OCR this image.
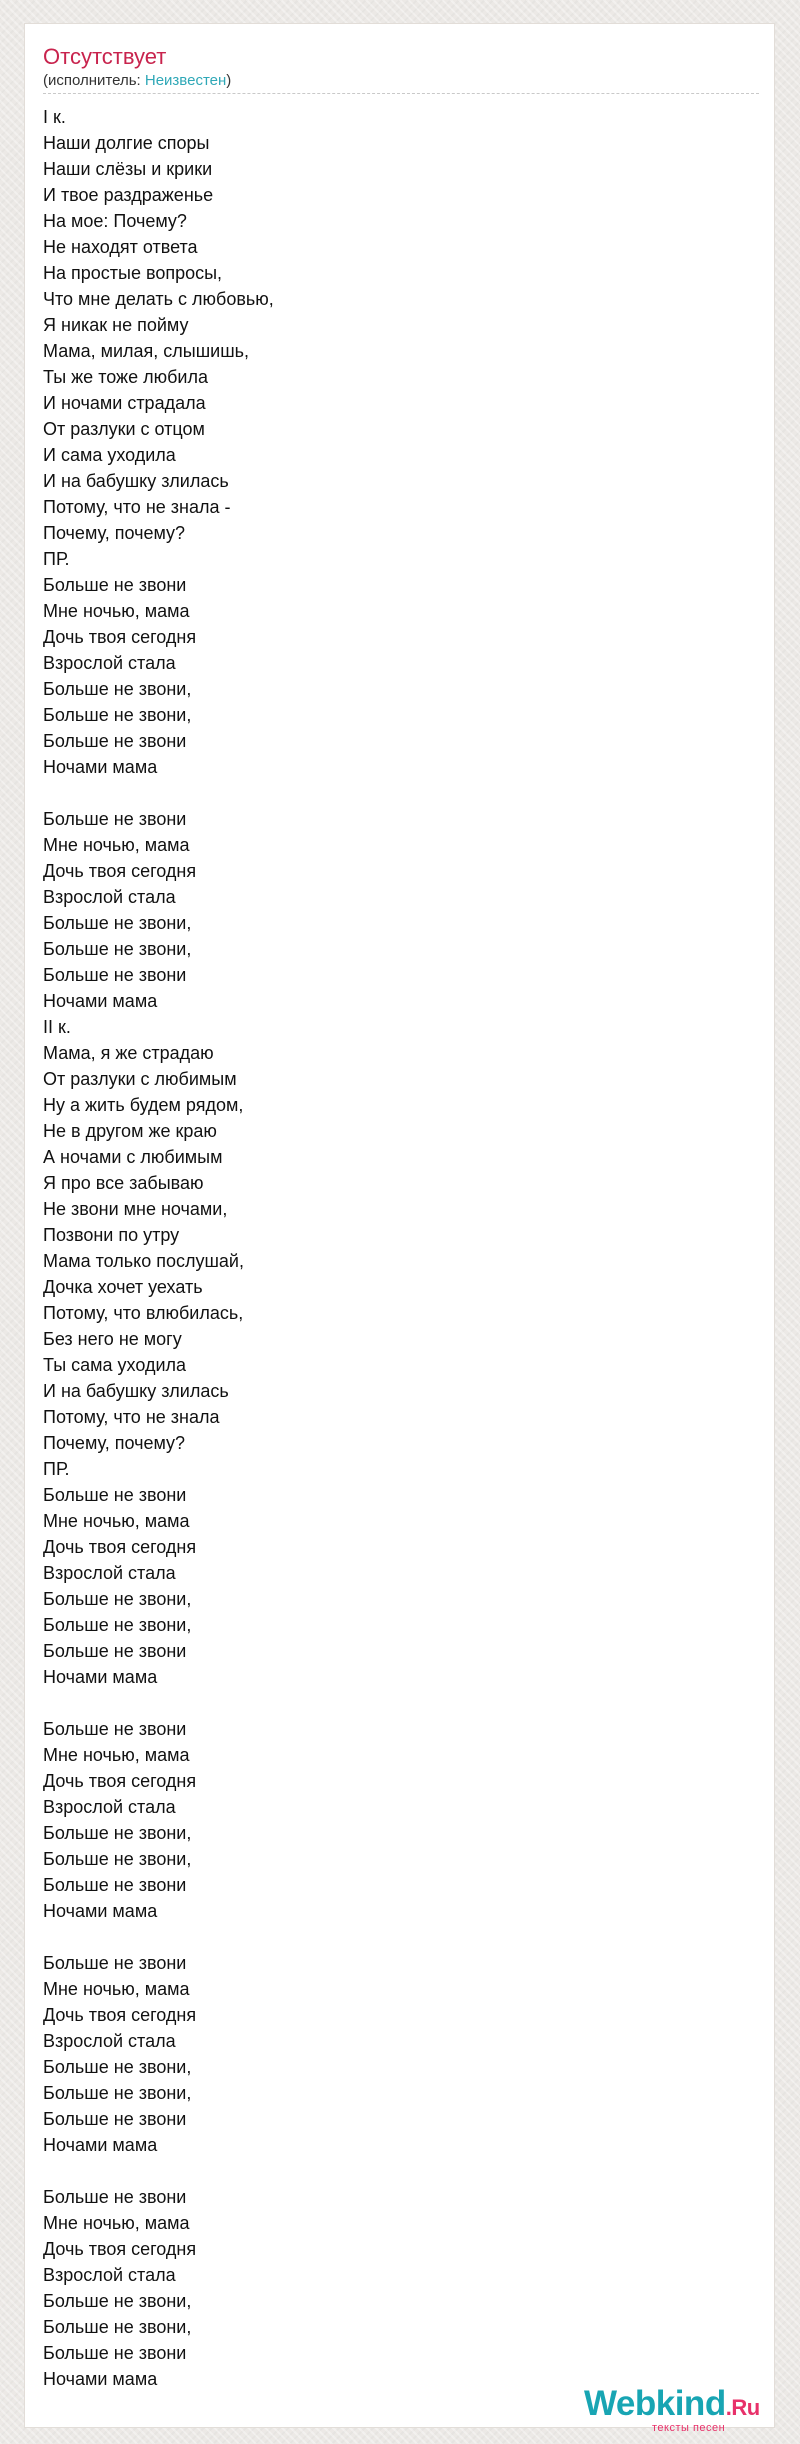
Отсутствует
(исполнитель: Неизвестен)
I к.
Наши долгие споры
Наши слёзы и крики
И твое раздраженье
На мое: Почему?
Не находят ответа
На простые вопросы,
Что мне делать с любовью,
Я никак не пойму
Мама, милая, слышишь,
Ты же тоже любила
И ночами страдала
От разлуки с отцом
И сама уходила
И на бабушку злилась
Потому, что не знала -
Почему, почему?
ПР.
Больше не звони
Мне ночью, мама
Дочь твоя сегодня
Взрослой стала
Больше не звони,
Больше не звони,
Больше не звони
Ночами мама
Больше не звони
Мне ночью, мама
Дочь твоя сегодня
Взрослой стала
Больше не звони,
Больше не звони,
Больше не звони
Ночами мама
II к.
Мама, я же страдаю
От разлуки с любимым
Ну а жить будем рядом,
Не в другом же краю
А ночами с любимым
Я про все забываю
Не звони мне ночами,
Позвони по утру
Мама только послушай,
Дочка хочет уехать
Потому, что влюбилась,
Без него не могу
Ты сама уходила
И на бабушку злилась
Потому, что не знала
Почему, почему?
ПР.
Больше не звони
Мне ночью, мама
Дочь твоя сегодня
Взрослой стала
Больше не звони,
Больше не звони,
Больше не звони
Ночами мама
Больше не звони
Мне ночью, мама
Дочь твоя сегодня
Взрослой стала
Больше не звони,
Больше не звони,
Больше не звони
Ночами мама
Больше не звони
Мне ночью, мама
Дочь твоя сегодня
Взрослой стала
Больше не звони,
Больше не звони,
Больше не звони
Ночами мама
Больше не звони
Мне ночью, мама
Дочь твоя сегодня
Взрослой стала
Больше не звони,
Больше не звони,
Больше не звони
Ночами мама
Webkind.Ru
тексты песен
